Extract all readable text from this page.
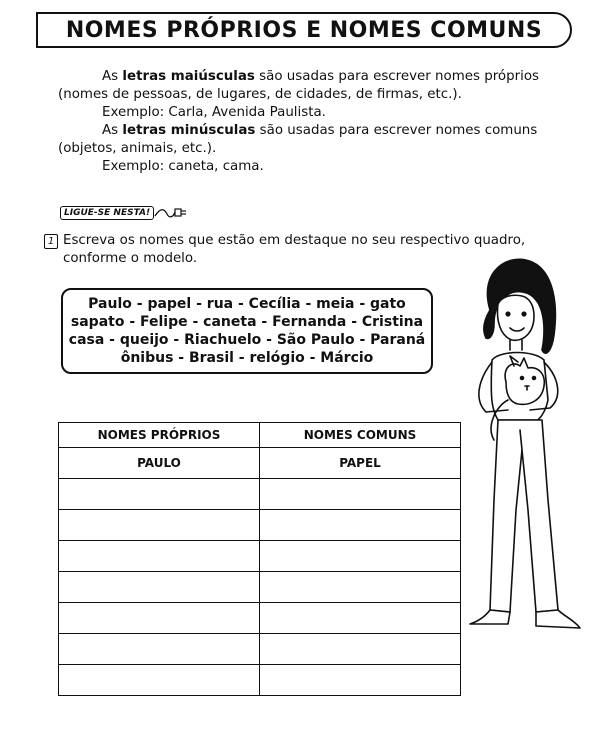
NOMES PRÓPRIOS E NOMES COMUNS

As letras maiúsculas são usadas para escrever nomes próprios

(nomes de pessoas, de lugares, de cidades, de firmas, etc.).

Exemplo: Carla, Avenida Paulista.

As letras minúsculas são usadas para escrever nomes comuns

(objetos, animais, etc.).

Exemplo: caneta, cama.

LIGUE-SE NESTA!
1 Escreva os nomes que estão em destaque no seu respectivo quadro,

conforme o modelo.

Paulo - papel - rua - Cecília - meia - gato
sapato - Felipe - caneta - Fernanda - Cristina
casa - queijo - Riachuelo - São Paulo - Paraná
ônibus - Brasil - relógio - Márcio
NOMES PRÓPRIOS	NOMES COMUNS
PAULO	PAPEL
